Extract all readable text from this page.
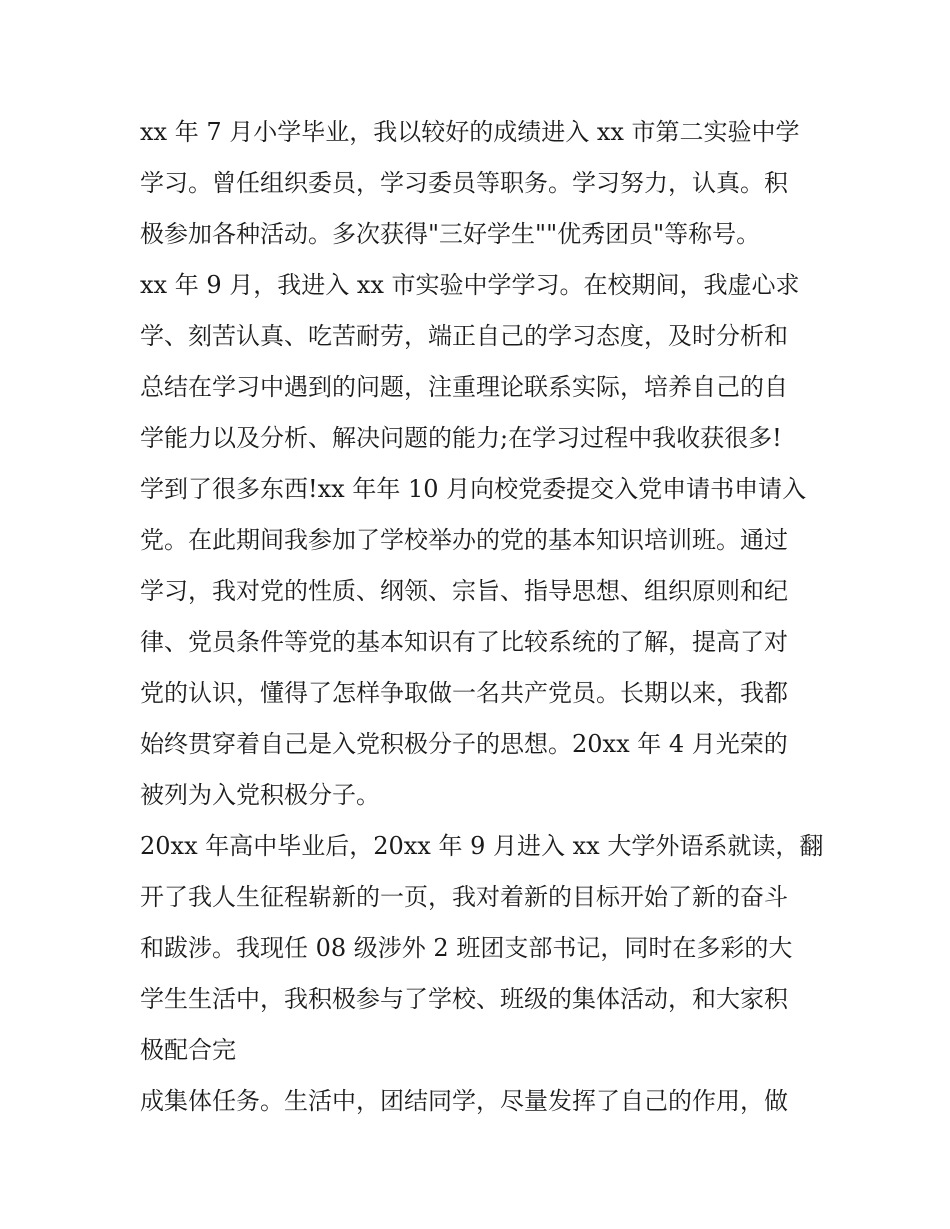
xx 年 7 月小学毕业，我以较好的成绩进入 xx 市第二实验中学
学习。曾任组织委员，学习委员等职务。学习努力，认真。积
极参加各种活动。多次获得"三好学生""优秀团员"等称号。
xx 年 9 月，我进入 xx 市实验中学学习。在校期间，我虚心求
学、刻苦认真、吃苦耐劳，端正自己的学习态度，及时分析和
总结在学习中遇到的问题，注重理论联系实际，培养自己的自
学能力以及分析、解决问题的能力;在学习过程中我收获很多!
学到了很多东西!xx 年年 10 月向校党委提交入党申请书申请入
党。在此期间我参加了学校举办的党的基本知识培训班。通过
学习，我对党的性质、纲领、宗旨、指导思想、组织原则和纪
律、党员条件等党的基本知识有了比较系统的了解，提高了对
党的认识，懂得了怎样争取做一名共产党员。长期以来，我都
始终贯穿着自己是入党积极分子的思想。20xx 年 4 月光荣的
被列为入党积极分子。
20xx 年高中毕业后，20xx 年 9 月进入 xx 大学外语系就读，翻
开了我人生征程崭新的一页，我对着新的目标开始了新的奋斗
和跋涉。我现任 08 级涉外 2 班团支部书记，同时在多彩的大
学生生活中，我积极参与了学校、班级的集体活动，和大家积
极配合完
成集体任务。生活中，团结同学，尽量发挥了自己的作用，做
